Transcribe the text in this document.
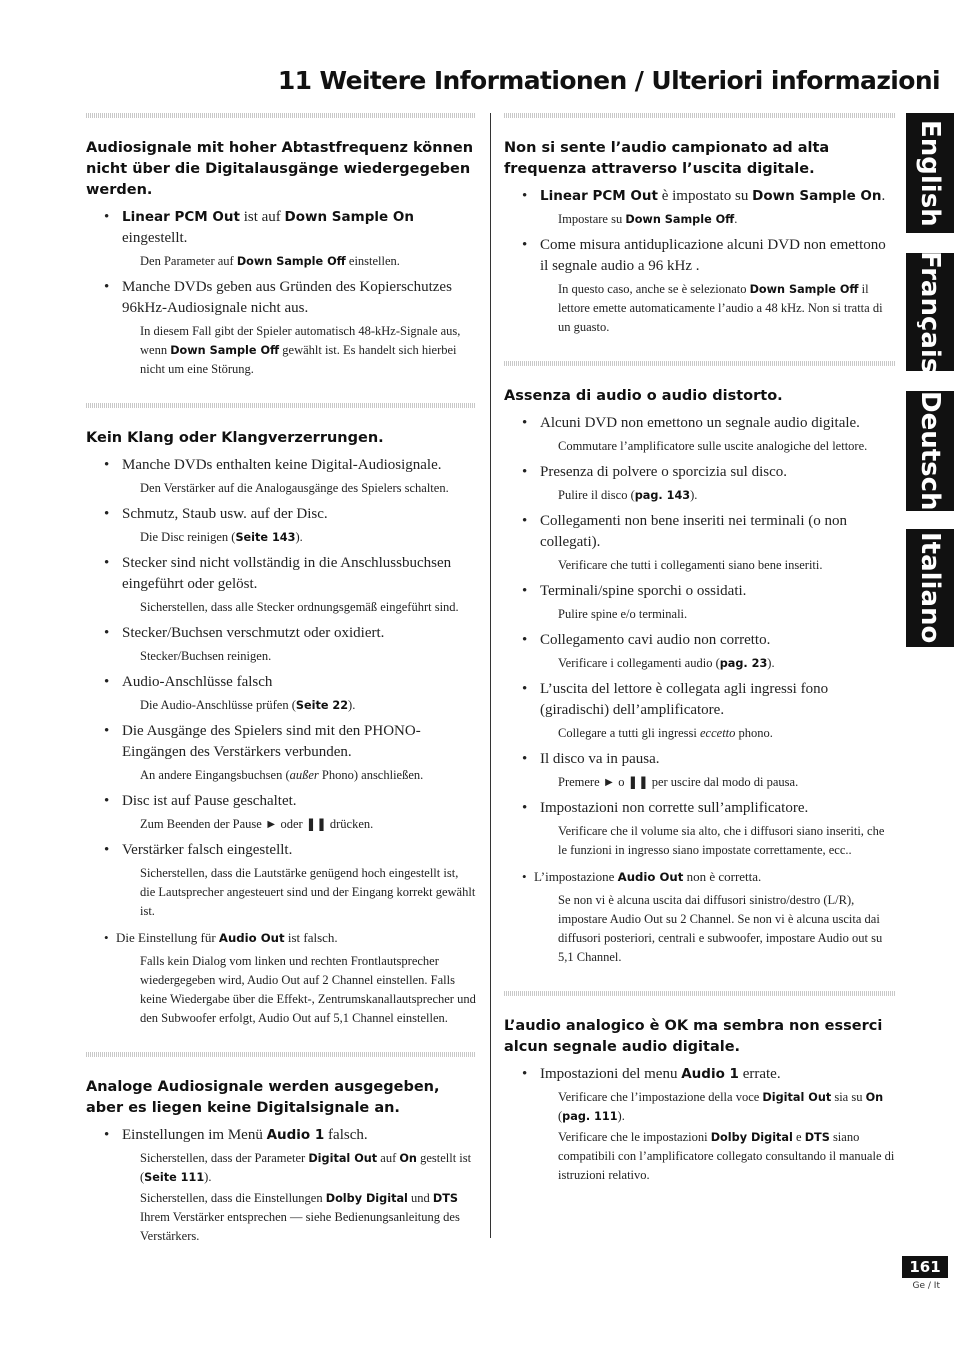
11 Weitere Informationen / Ulteriori informazioni
Audiosignale mit hoher Abtastfrequenz können nicht über die Digitalausgänge wiedergegeben werden.
• Linear PCM Out ist auf Down Sample On eingestellt.
Den Parameter auf Down Sample Off einstellen.
• Manche DVDs geben aus Gründen des Kopierschutzes 96kHz-Audiosignale nicht aus.
In diesem Fall gibt der Spieler automatisch 48-kHz-Signale aus, wenn Down Sample Off gewählt ist. Es handelt sich hierbei nicht um eine Störung.
Kein Klang oder Klangverzerrungen.
• Manche DVDs enthalten keine Digital-Audiosignale.
Den Verstärker auf die Analogausgänge des Spielers schalten.
• Schmutz, Staub usw. auf der Disc.
Die Disc reinigen (Seite 143).
• Stecker sind nicht vollständig in die Anschlussbuchsen eingeführt oder gelöst.
Sicherstellen, dass alle Stecker ordnungsgemäß eingeführt sind.
• Stecker/Buchsen verschmutzt oder oxidiert.
Stecker/Buchsen reinigen.
• Audio-Anschlüsse falsch
Die Audio-Anschlüsse prüfen (Seite 22).
• Die Ausgänge des Spielers sind mit den PHONO-Eingängen des Verstärkers verbunden.
An andere Eingangsbuchsen (außer Phono) anschließen.
• Disc ist auf Pause geschaltet.
Zum Beenden der Pause ► oder ❚❚ drücken.
• Verstärker falsch eingestellt.
Sicherstellen, dass die Lautstärke genügend hoch eingestellt ist, die Lautsprecher angesteuert sind und der Eingang korrekt gewählt ist.
• Die Einstellung für Audio Out ist falsch.
Falls kein Dialog vom linken und rechten Frontlautsprecher wiedergegeben wird, Audio Out auf 2 Channel einstellen. Falls keine Wiedergabe über die Effekt-, Zentrumskanallautsprecher und den Subwoofer erfolgt, Audio Out auf 5,1 Channel einstellen.
Analoge Audiosignale werden ausgegeben, aber es liegen keine Digitalsignale an.
• Einstellungen im Menü Audio 1 falsch.
Sicherstellen, dass der Parameter Digital Out auf On gestellt ist (Seite 111).
Sicherstellen, dass die Einstellungen Dolby Digital und DTS Ihrem Verstärker entsprechen — siehe Bedienungsanleitung des Verstärkers.
Non si sente l’audio campionato ad alta frequenza attraverso l’uscita digitale.
• Linear PCM Out è impostato su Down Sample On.
Impostare su Down Sample Off.
• Come misura antiduplicazione alcuni DVD non emettono il segnale audio a 96 kHz .
In questo caso, anche se è selezionato Down Sample Off il lettore emette automaticamente l’audio a 48 kHz. Non si tratta di un guasto.
Assenza di audio o audio distorto.
• Alcuni DVD non emettono un segnale audio digitale.
Commutare l’amplificatore sulle uscite analogiche del lettore.
• Presenza di polvere o sporcizia sul disco.
Pulire il disco (pag. 143).
• Collegamenti non bene inseriti nei terminali (o non collegati).
Verificare che tutti i collegamenti siano bene inseriti.
• Terminali/spine sporchi o ossidati.
Pulire spine e/o terminali.
• Collegamento cavi audio non corretto.
Verificare i collegamenti audio (pag. 23).
• L’uscita del lettore è collegata agli ingressi fono (giradischi) dell’amplificatore.
Collegare a tutti gli ingressi eccetto phono.
• Il disco va in pausa.
Premere ► o ❚❚ per uscire dal modo di pausa.
• Impostazioni non corrette sull’amplificatore.
Verificare che il volume sia alto, che i diffusori siano inseriti, che le funzioni in ingresso siano impostate correttamente, ecc..
• L’impostazione Audio Out non è corretta.
Se non vi è alcuna uscita dai diffusori sinistro/destro (L/R), impostare Audio Out su 2 Channel. Se non vi è alcuna uscita dai diffusori posteriori, centrali e subwoofer, impostare Audio out su 5,1 Channel.
L’audio analogico è OK ma sembra non esserci alcun segnale audio digitale.
• Impostazioni del menu Audio 1 errate.
Verificare che l’impostazione della voce Digital Out sia su On (pag. 111).
Verificare che le impostazioni Dolby Digital e DTS siano compatibili con l’amplificatore collegato consultando il manuale di istruzioni relativo.
English
Français
Deutsch
Italiano
161
Ge / It
